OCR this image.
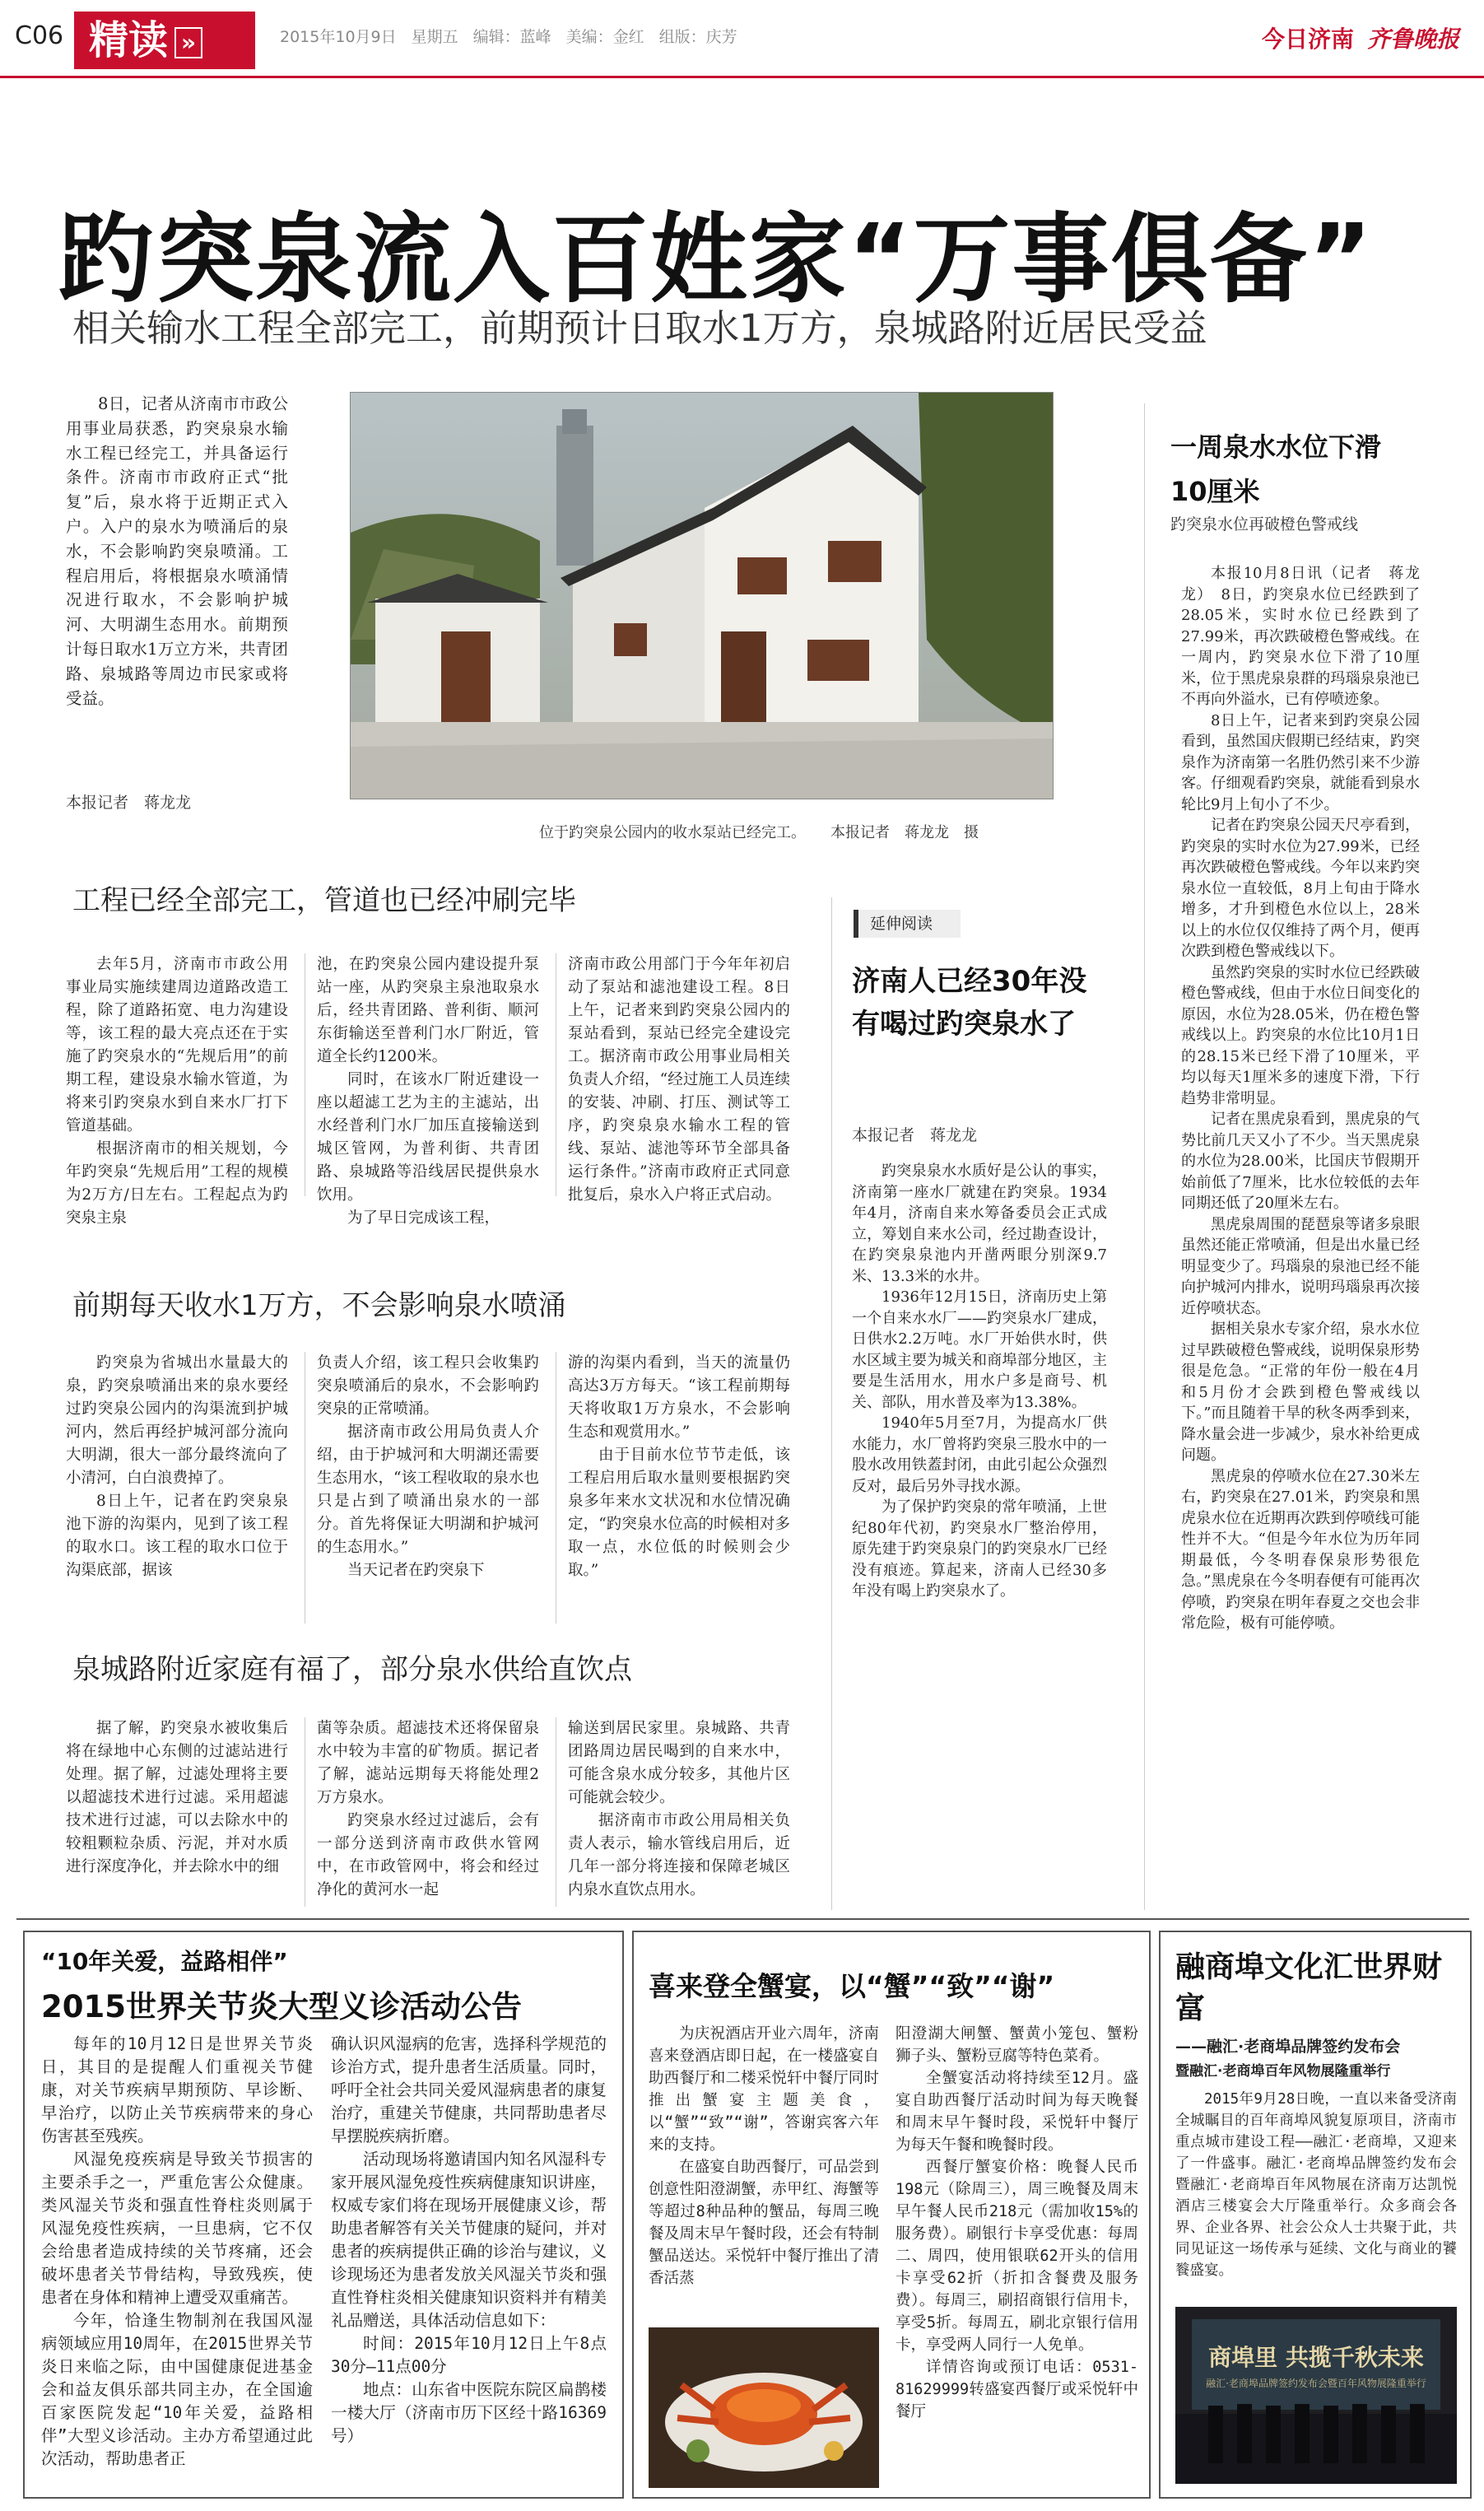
C06 精读 »	2015年10月9日 星期五 编辑：蓝峰 美编：金红 组版：庆芳	今日济南 齐鲁晚报
趵突泉流入百姓家“万事俱备”
相关输水工程全部完工，前期预计日取水1万方，泉城路附近居民受益
8日，记者从济南市市政公用事业局获悉，趵突泉泉水输水工程已经完工，并具备运行条件。济南市市政府正式“批复”后，泉水将于近期正式入户。入户的泉水为喷涌后的泉水，不会影响趵突泉喷涌。工程启用后，将根据泉水喷涌情况进行取水，不会影响护城河、大明湖生态用水。前期预计每日取水1万立方米，共青团路、泉城路等周边市民家或将受益。
本报记者　蒋龙龙
位于趵突泉公园内的收水泵站已经完工。 本报记者　蒋龙龙　摄
工程已经全部完工，管道也已经冲刷完毕

去年5月，济南市市政公用事业局实施续建周边道路改造工程，除了道路拓宽、电力沟建设等，该工程的最大亮点还在于实施了趵突泉水的“先规后用”的前期工程，建设泉水输水管道，为将来引趵突泉水到自来水厂打下管道基础。

根据济南市的相关规划，今年趵突泉“先规后用”工程的规模为2万方/日左右。工程起点为趵突泉主泉

池，在趵突泉公园内建设提升泵站一座，从趵突泉主泉池取泉水后，经共青团路、普利街、顺河东街输送至普利门水厂附近，管道全长约1200米。

同时，在该水厂附近建设一座以超滤工艺为主的主滤站，出水经普利门水厂加压直接输送到城区管网，为普利街、共青团路、泉城路等沿线居民提供泉水饮用。

为了早日完成该工程，

济南市政公用部门于今年年初启动了泵站和滤池建设工程。8日上午，记者来到趵突泉公园内的泵站看到，泵站已经完全建设完工。据济南市政公用事业局相关负责人介绍，“经过施工人员连续的安装、冲刷、打压、测试等工序，趵突泉泉水输水工程的管线、泵站、滤池等环节全部具备运行条件。”济南市政府正式同意批复后，泉水入户将正式启动。

前期每天收水1万方，不会影响泉水喷涌

趵突泉为省城出水量最大的泉，趵突泉喷涌出来的泉水要经过趵突泉公园内的沟渠流到护城河内，然后再经护城河部分流向大明湖，很大一部分最终流向了小清河，白白浪费掉了。

8日上午，记者在趵突泉泉池下游的沟渠内，见到了该工程的取水口。该工程的取水口位于沟渠底部，据该

负责人介绍，该工程只会收集趵突泉喷涌后的泉水，不会影响趵突泉的正常喷涌。

据济南市政公用局负责人介绍，由于护城河和大明湖还需要生态用水，“该工程收取的泉水也只是占到了喷涌出泉水的一部分。首先将保证大明湖和护城河的生态用水。”

当天记者在趵突泉下

游的沟渠内看到，当天的流量仍高达3万方每天。“该工程前期每天将收取1万方泉水，不会影响生态和观赏用水。”

由于目前水位节节走低，该工程启用后取水量则要根据趵突泉多年来水文状况和水位情况确定，“趵突泉水位高的时候相对多取一点，水位低的时候则会少取。”

泉城路附近家庭有福了，部分泉水供给直饮点

据了解，趵突泉水被收集后将在绿地中心东侧的过滤站进行处理。据了解，过滤处理将主要以超滤技术进行过滤。采用超滤技术进行过滤，可以去除水中的较粗颗粒杂质、污泥，并对水质进行深度净化，并去除水中的细

菌等杂质。超滤技术还将保留泉水中较为丰富的矿物质。据记者了解，滤站远期每天将能处理2万方泉水。

趵突泉水经过过滤后，会有一部分送到济南市政供水管网中，在市政管网中，将会和经过净化的黄河水一起

输送到居民家里。泉城路、共青团路周边居民喝到的自来水中，可能含泉水成分较多，其他片区可能就会较少。

据济南市市政公用局相关负责人表示，输水管线启用后，近几年一部分将连接和保障老城区内泉水直饮点用水。

一周泉水水位下滑10厘米
趵突泉水位再破橙色警戒线

本报10月8日讯（记者　蒋龙龙）　8日，趵突泉水位已经跌到了28.05米，实时水位已经跌到了27.99米，再次跌破橙色警戒线。在一周内，趵突泉水位下滑了10厘米，位于黑虎泉泉群的玛瑙泉泉池已不再向外溢水，已有停喷迹象。

8日上午，记者来到趵突泉公园看到，虽然国庆假期已经结束，趵突泉作为济南第一名胜仍然引来不少游客。仔细观看趵突泉，就能看到泉水轮比9月上旬小了不少。

记者在趵突泉公园天尺亭看到，趵突泉的实时水位为27.99米，已经再次跌破橙色警戒线。今年以来趵突泉水位一直较低，8月上旬由于降水增多，才升到橙色水位以上，28米以上的水位仅仅维持了两个月，便再次跌到橙色警戒线以下。

虽然趵突泉的实时水位已经跌破橙色警戒线，但由于水位日间变化的原因，水位为28.05米，仍在橙色警戒线以上。趵突泉的水位比10月1日的28.15米已经下滑了10厘米，平均以每天1厘米多的速度下滑，下行趋势非常明显。

记者在黑虎泉看到，黑虎泉的气势比前几天又小了不少。当天黑虎泉的水位为28.00米，比国庆节假期开始前低了7厘米，比水位较低的去年同期还低了20厘米左右。

黑虎泉周围的琵琶泉等诸多泉眼虽然还能正常喷涌，但是出水量已经明显变少了。玛瑙泉的泉池已经不能向护城河内排水，说明玛瑙泉再次接近停喷状态。

据相关泉水专家介绍，泉水水位过早跌破橙色警戒线，说明保泉形势很是危急。“正常的年份一般在4月和5月份才会跌到橙色警戒线以下。”而且随着干旱的秋冬两季到来，降水量会进一步减少，泉水补给更成问题。

黑虎泉的停喷水位在27.30米左右，趵突泉在27.01米，趵突泉和黑虎泉水位在近期再次跌到停喷线可能性并不大。“但是今年水位为历年同期最低，今冬明春保泉形势很危急。”黑虎泉在今冬明春便有可能再次停喷，趵突泉在明年春夏之交也会非常危险，极有可能停喷。

延伸阅读
济南人已经30年没有喝过趵突泉水了
本报记者　蒋龙龙

趵突泉泉水水质好是公认的事实，济南第一座水厂就建在趵突泉。1934年4月，济南自来水筹备委员会正式成立，筹划自来水公司，经过勘查设计，在趵突泉泉池内开凿两眼分别深9.7米、13.3米的水井。

1936年12月15日，济南历史上第一个自来水水厂——趵突泉水厂建成，日供水2.2万吨。水厂开始供水时，供水区域主要为城关和商埠部分地区，主要是生活用水，用水户多是商号、机关、部队，用水普及率为13.38%。

1940年5月至7月，为提高水厂供水能力，水厂曾将趵突泉三股水中的一股水改用铁蓋封闭，由此引起公众强烈反对，最后另外寻找水源。

为了保护趵突泉的常年喷涌，上世纪80年代初，趵突泉水厂整治停用，原先建于趵突泉泉门的趵突泉水厂已经没有痕迹。算起来，济南人已经30多年没有喝上趵突泉水了。

“10年关爱，益路相伴”
2015世界关节炎大型义诊活动公告

每年的10月12日是世界关节炎日，其目的是提醒人们重视关节健康，对关节疾病早期预防、早诊断、早治疗，以防止关节疾病带来的身心伤害甚至残疾。

风湿免疫疾病是导致关节损害的主要杀手之一，严重危害公众健康。类风湿关节炎和强直性脊柱炎则属于风湿免疫性疾病，一旦患病，它不仅会给患者造成持续的关节疼痛，还会破坏患者关节骨结构，导致残疾，使患者在身体和精神上遭受双重痛苦。

今年，恰逢生物制剂在我国风湿病领域应用10周年，在2015世界关节炎日来临之际，由中国健康促进基金会和益友俱乐部共同主办，在全国逾百家医院发起“10年关爱，益路相伴”大型义诊活动。主办方希望通过此次活动，帮助患者正

确认识风湿病的危害，选择科学规范的诊治方式，提升患者生活质量。同时，呼吁全社会共同关爱风湿病患者的康复治疗，重建关节健康，共同帮助患者尽早摆脱疾病折磨。

活动现场将邀请国内知名风湿科专家开展风湿免疫性疾病健康知识讲座，权威专家们将在现场开展健康义诊，帮助患者解答有关关节健康的疑问，并对患者的疾病提供正确的诊治与建议，义诊现场还为患者发放关风湿关节炎和强直性脊柱炎相关健康知识资料并有精美礼品赠送，具体活动信息如下：

时间：2015年10月12日上午8点30分—11点00分

地点：山东省中医院东院区扁鹊楼一楼大厅（济南市历下区经十路16369号）

喜来登全蟹宴，以“蟹”“致”“谢”

为庆祝酒店开业六周年，济南喜来登酒店即日起，在一楼盛宴自助西餐厅和二楼采悦轩中餐厅同时推出蟹宴主题美食，以“蟹”“致”“谢”，答谢宾客六年来的支持。

在盛宴自助西餐厅，可品尝到创意性阳澄湖蟹，赤甲红、海蟹等等超过8种品种的蟹品，每周三晚餐及周末早午餐时段，还会有特制蟹品送达。采悦轩中餐厅推出了清香活蒸

阳澄湖大闸蟹、蟹黄小笼包、蟹粉狮子头、蟹粉豆腐等特色菜肴。

全蟹宴活动将持续至12月。盛宴自助西餐厅活动时间为每天晚餐和周末早午餐时段，采悦轩中餐厅为每天午餐和晚餐时段。

西餐厅蟹宴价格：晚餐人民币198元（除周三），周三晚餐及周末早午餐人民币218元（需加收15%的服务费）。刷银行卡享受优惠：每周二、周四，使用银联62开头的信用卡享受62折（折扣含餐费及服务费）。每周三，刷招商银行信用卡，享受5折。每周五，刷北京银行信用卡，享受两人同行一人免单。

详情咨询或预订电话：0531-81629999转盛宴西餐厅或采悦轩中餐厅

融商埠文化汇世界财富
——融汇·老商埠品牌签约发布会
暨融汇·老商埠百年风物展隆重举行
2015年9月28日晚，一直以来备受济南全城瞩目的百年商埠风貌复原项目，济南市重点城市建设工程——融汇·老商埠，又迎来了一件盛事。融汇·老商埠品牌签约发布会暨融汇·老商埠百年风物展在济南万达凯悦酒店三楼宴会大厅隆重举行。众多商会各界、企业各界、社会公众人士共聚于此，共同见证这一场传承与延续、文化与商业的饕餮盛宴。
商埠里 共揽千秋未来
融汇·老商埠品牌签约发布会暨百年风物展隆重举行
